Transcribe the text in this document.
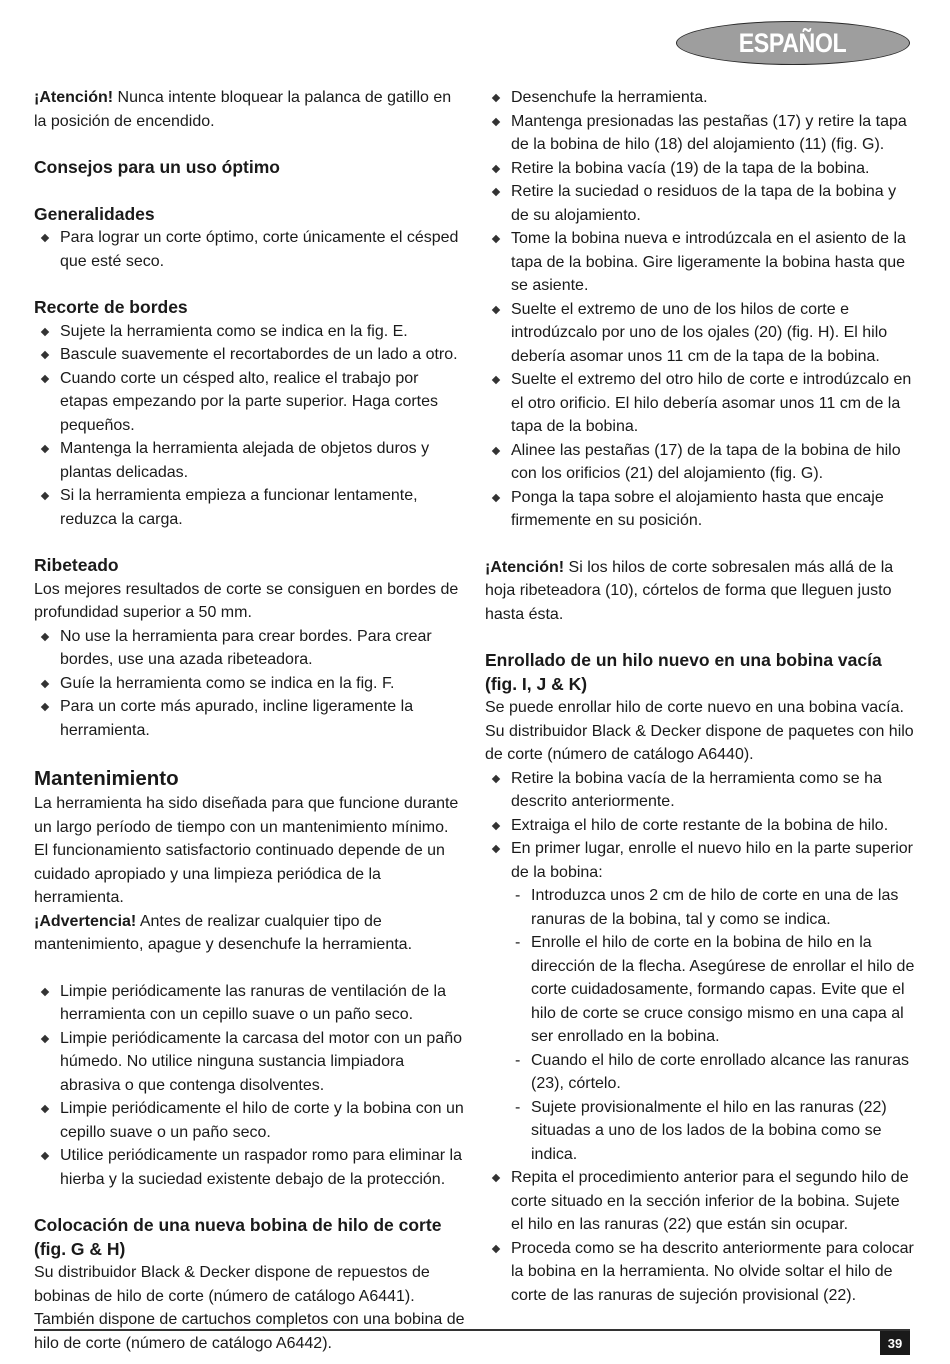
ESPAÑOL

¡Atención! Nunca intente bloquear la palanca de gatillo en la posición de encendido.

Consejos para un uso óptimo
Generalidades
Para lograr un corte óptimo, corte únicamente el césped que esté seco.
Recorte de bordes
Sujete la herramienta como se indica en la fig. E.
Bascule suavemente el recortabordes de un lado a otro.
Cuando corte un césped alto, realice el trabajo por etapas empezando por la parte superior. Haga cortes pequeños.
Mantenga la herramienta alejada de objetos duros y plantas delicadas.
Si la herramienta empieza a funcionar lentamente, reduzca la carga.
Ribeteado

Los mejores resultados de corte se consiguen en bordes de profundidad superior a 50 mm.

No use la herramienta para crear bordes. Para crear bordes, use una azada ribeteadora.
Guíe la herramienta como se indica en la fig. F.
Para un corte más apurado, incline ligeramente la herramienta.
Mantenimiento

La herramienta ha sido diseñada para que funcione durante un largo período de tiempo con un mantenimiento mínimo. El funcionamiento satisfactorio continuado depende de un cuidado apropiado y una limpieza periódica de la herramienta.

¡Advertencia! Antes de realizar cualquier tipo de mantenimiento, apague y desenchufe la herramienta.

Limpie periódicamente las ranuras de ventilación de la herramienta con un cepillo suave o un paño seco.
Limpie periódicamente la carcasa del motor con un paño húmedo. No utilice ninguna sustancia limpiadora abrasiva o que contenga disolventes.
Limpie periódicamente el hilo de corte y la bobina con un cepillo suave o un paño seco.
Utilice periódicamente un raspador romo para eliminar la hierba y la suciedad existente debajo de la protección.
Colocación de una nueva bobina de hilo de corte (fig. G & H)

Su distribuidor Black & Decker dispone de repuestos de bobinas de hilo de corte (número de catálogo A6441). También dispone de cartuchos completos con una bobina de hilo de corte (número de catálogo A6442).

Desenchufe la herramienta.
Mantenga presionadas las pestañas (17) y retire la tapa de la bobina de hilo (18) del alojamiento (11) (fig. G).
Retire la bobina vacía (19) de la tapa de la bobina.
Retire la suciedad o residuos de la tapa de la bobina y de su alojamiento.
Tome la bobina nueva e introdúzcala en el asiento de la tapa de la bobina. Gire ligeramente la bobina hasta que se asiente.
Suelte el extremo de uno de los hilos de corte e introdúzcalo por uno de los ojales (20) (fig. H). El hilo debería asomar unos 11 cm de la tapa de la bobina.
Suelte el extremo del otro hilo de corte e introdúzcalo en el otro orificio. El hilo debería asomar unos 11 cm de la tapa de la bobina.
Alinee las pestañas (17) de la tapa de la bobina de hilo con los orificios (21) del alojamiento (fig. G).
Ponga la tapa sobre el alojamiento hasta que encaje firmemente en su posición.

¡Atención! Si los hilos de corte sobresalen más allá de la hoja ribeteadora (10), córtelos de forma que lleguen justo hasta ésta.

Enrollado de un hilo nuevo en una bobina vacía (fig. I, J & K)

Se puede enrollar hilo de corte nuevo en una bobina vacía. Su distribuidor Black & Decker dispone de paquetes con hilo de corte (número de catálogo A6440).

Retire la bobina vacía de la herramienta como se ha descrito anteriormente.
Extraiga el hilo de corte restante de la bobina de hilo.
En primer lugar, enrolle el nuevo hilo en la parte superior de la bobina:
- Introduzca unos 2 cm de hilo de corte en una de las ranuras de la bobina, tal y como se indica.
- Enrolle el hilo de corte en la bobina de hilo en la dirección de la flecha. Asegúrese de enrollar el hilo de corte cuidadosamente, formando capas. Evite que el hilo de corte se cruce consigo mismo en una capa al ser enrollado en la bobina.
- Cuando el hilo de corte enrollado alcance las ranuras (23), córtelo.
- Sujete provisionalmente el hilo en las ranuras (22) situadas a uno de los lados de la bobina como se indica.
Repita el procedimiento anterior para el segundo hilo de corte situado en la sección inferior de la bobina. Sujete el hilo en las ranuras (22) que están sin ocupar.
Proceda como se ha descrito anteriormente para colocar la bobina en la herramienta. No olvide soltar el hilo de corte de las ranuras de sujeción provisional (22).
39
